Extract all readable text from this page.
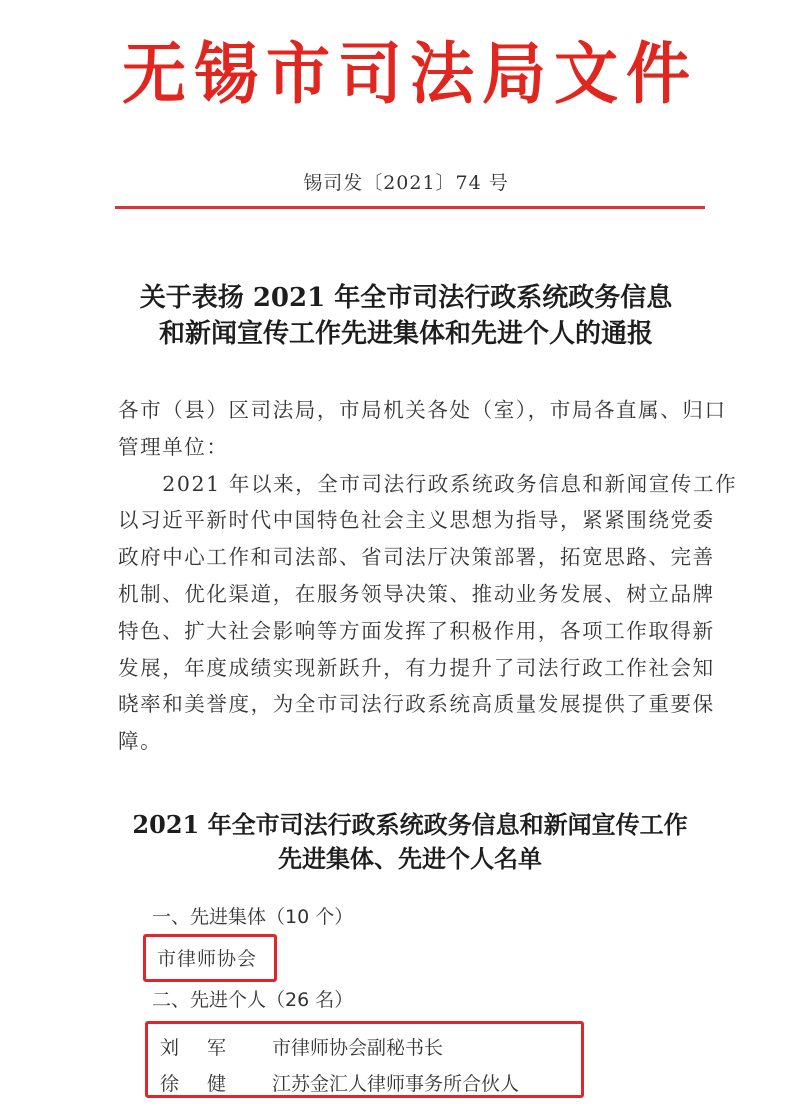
无锡市司法局文件
锡司发〔2021〕74 号
关于表扬 2021 年全市司法行政系统政务信息
和新闻宣传工作先进集体和先进个人的通报
各市（县）区司法局，市局机关各处（室），市局各直属、归口
管理单位：
　　2021 年以来，全市司法行政系统政务信息和新闻宣传工作
以习近平新时代中国特色社会主义思想为指导，紧紧围绕党委
政府中心工作和司法部、省司法厅决策部署，拓宽思路、完善
机制、优化渠道，在服务领导决策、推动业务发展、树立品牌
特色、扩大社会影响等方面发挥了积极作用，各项工作取得新
发展，年度成绩实现新跃升，有力提升了司法行政工作社会知
晓率和美誉度，为全市司法行政系统高质量发展提供了重要保
障。
2021 年全市司法行政系统政务信息和新闻宣传工作
先进集体、先进个人名单
一、先进集体（10 个）
市律师协会
二、先进个人（26 名）
刘军 市律师协会副秘书长
徐健 江苏金汇人律师事务所合伙人
